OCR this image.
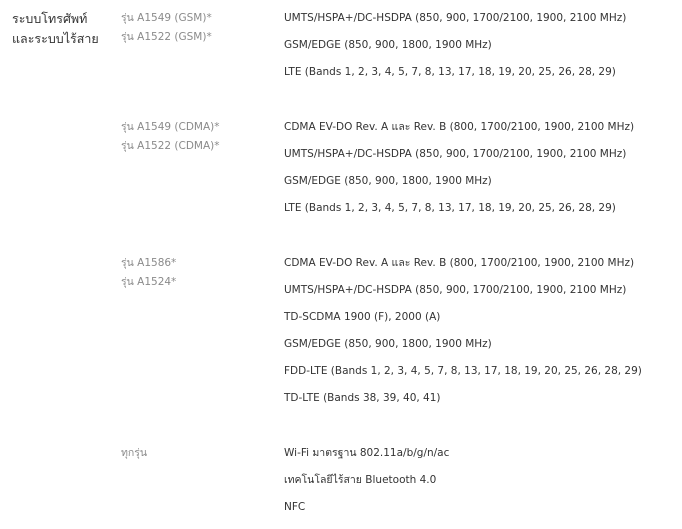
ระบบโทรศัพท์
และระบบไร้สาย
รุ่น A1549 (GSM)*
รุ่น A1522 (GSM)*
UMTS/HSPA+/DC-HSDPA (850, 900, 1700/2100, 1900, 2100 MHz)
GSM/EDGE (850, 900, 1800, 1900 MHz)
LTE (Bands 1, 2, 3, 4, 5, 7, 8, 13, 17, 18, 19, 20, 25, 26, 28, 29)
รุ่น A1549 (CDMA)*
รุ่น A1522 (CDMA)*
CDMA EV-DO Rev. A และ Rev. B (800, 1700/2100, 1900, 2100 MHz)
UMTS/HSPA+/DC-HSDPA (850, 900, 1700/2100, 1900, 2100 MHz)
GSM/EDGE (850, 900, 1800, 1900 MHz)
LTE (Bands 1, 2, 3, 4, 5, 7, 8, 13, 17, 18, 19, 20, 25, 26, 28, 29)
รุ่น A1586*
รุ่น A1524*
CDMA EV-DO Rev. A และ Rev. B (800, 1700/2100, 1900, 2100 MHz)
UMTS/HSPA+/DC-HSDPA (850, 900, 1700/2100, 1900, 2100 MHz)
TD-SCDMA 1900 (F), 2000 (A)
GSM/EDGE (850, 900, 1800, 1900 MHz)
FDD-LTE (Bands 1, 2, 3, 4, 5, 7, 8, 13, 17, 18, 19, 20, 25, 26, 28, 29)
TD-LTE (Bands 38, 39, 40, 41)
ทุกรุ่น	Wi-Fi มาตรฐาน 802.11a/b/g/n/ac
เทคโนโลยีไร้สาย Bluetooth 4.0
NFC
